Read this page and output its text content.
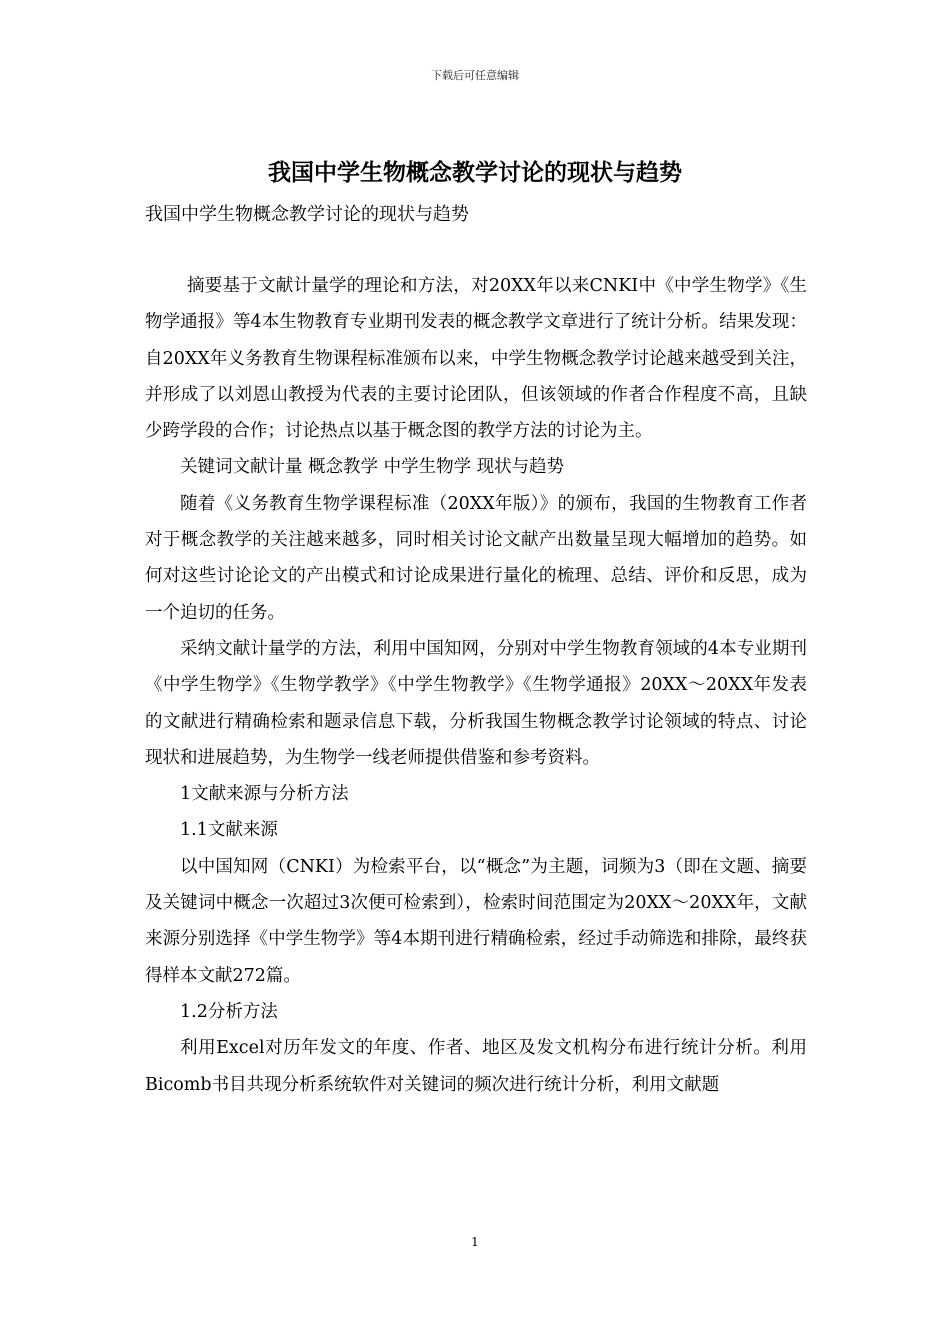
下载后可任意编辑
我国中学生物概念教学讨论的现状与趋势
我国中学生物概念教学讨论的现状与趋势

摘要基于文献计量学的理论和方法，对20XX年以来CNKI中《中学生物学》《生物学通报》等4本生物教育专业期刊发表的概念教学文章进行了统计分析。结果发现：自20XX年义务教育生物课程标准颁布以来，中学生物概念教学讨论越来越受到关注，并形成了以刘恩山教授为代表的主要讨论团队，但该领域的作者合作程度不高，且缺少跨学段的合作；讨论热点以基于概念图的教学方法的讨论为主。

关键词文献计量 概念教学 中学生物学 现状与趋势

随着《义务教育生物学课程标准（20XX年版）》的颁布，我国的生物教育工作者对于概念教学的关注越来越多，同时相关讨论文献产出数量呈现大幅增加的趋势。如何对这些讨论论文的产出模式和讨论成果进行量化的梳理、总结、评价和反思，成为一个迫切的任务。

采纳文献计量学的方法，利用中国知网，分别对中学生物教育领域的4本专业期刊《中学生物学》《生物学教学》《中学生物教学》《生物学通报》20XX～20XX年发表的文献进行精确检索和题录信息下载，分析我国生物概念教学讨论领域的特点、讨论现状和进展趋势，为生物学一线老师提供借鉴和参考资料。

1文献来源与分析方法

1.1文献来源

以中国知网（CNKI）为检索平台，以“概念”为主题，词频为3（即在文题、摘要及关键词中概念一次超过3次便可检索到），检索时间范围定为20XX～20XX年，文献来源分别选择《中学生物学》等4本期刊进行精确检索，经过手动筛选和排除，最终获得样本文献272篇。

1.2分析方法

利用Excel对历年发文的年度、作者、地区及发文机构分布进行统计分析。利用Bicomb书目共现分析系统软件对关键词的频次进行统计分析，利用文献题

1
